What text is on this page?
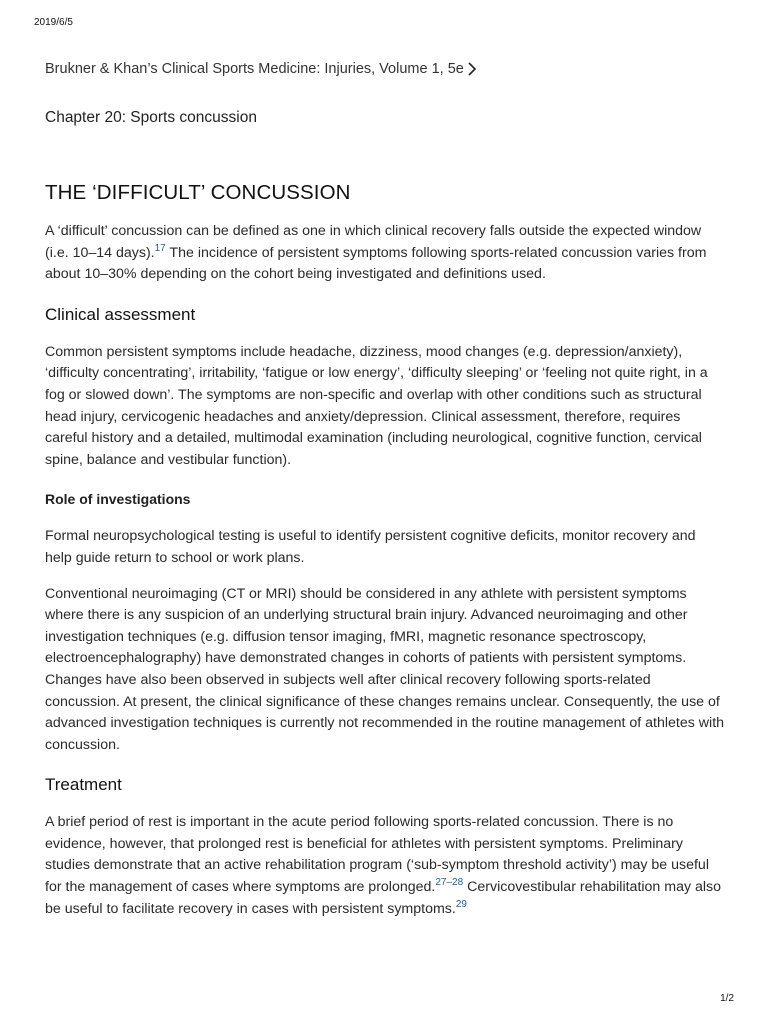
2019/6/5
Brukner & Khan’s Clinical Sports Medicine: Injuries, Volume 1, 5e
Chapter 20: Sports concussion
THE ‘DIFFICULT’ CONCUSSION

A ‘difficult’ concussion can be defined as one in which clinical recovery falls outside the expected window (i.e. 10–14 days).$^{17}$ The incidence of persistent symptoms following sports-related concussion varies from about 10–30% depending on the cohort being investigated and definitions used.

Clinical assessment

Common persistent symptoms include headache, dizziness, mood changes (e.g. depression/anxiety), ‘difficulty concentrating’, irritability, ‘fatigue or low energy’, ‘difficulty sleeping’ or ‘feeling not quite right, in a fog or slowed down’. The symptoms are non-specific and overlap with other conditions such as structural head injury, cervicogenic headaches and anxiety/depression. Clinical assessment, therefore, requires careful history and a detailed, multimodal examination (including neurological, cognitive function, cervical spine, balance and vestibular function).

Role of investigations

Formal neuropsychological testing is useful to identify persistent cognitive deficits, monitor recovery and help guide return to school or work plans.

Conventional neuroimaging (CT or MRI) should be considered in any athlete with persistent symptoms where there is any suspicion of an underlying structural brain injury. Advanced neuroimaging and other investigation techniques (e.g. diffusion tensor imaging, fMRI, magnetic resonance spectroscopy, electroencephalography) have demonstrated changes in cohorts of patients with persistent symptoms. Changes have also been observed in subjects well after clinical recovery following sports-related concussion. At present, the clinical significance of these changes remains unclear. Consequently, the use of advanced investigation techniques is currently not recommended in the routine management of athletes with concussion.

Treatment

A brief period of rest is important in the acute period following sports-related concussion. There is no evidence, however, that prolonged rest is beneficial for athletes with persistent symptoms. Preliminary studies demonstrate that an active rehabilitation program (‘sub-symptom threshold activity’) may be useful for the management of cases where symptoms are prolonged.$^{27-28}$ Cervicovestibular rehabilitation may also be useful to facilitate recovery in cases with persistent symptoms.$^{29}$

1/2
